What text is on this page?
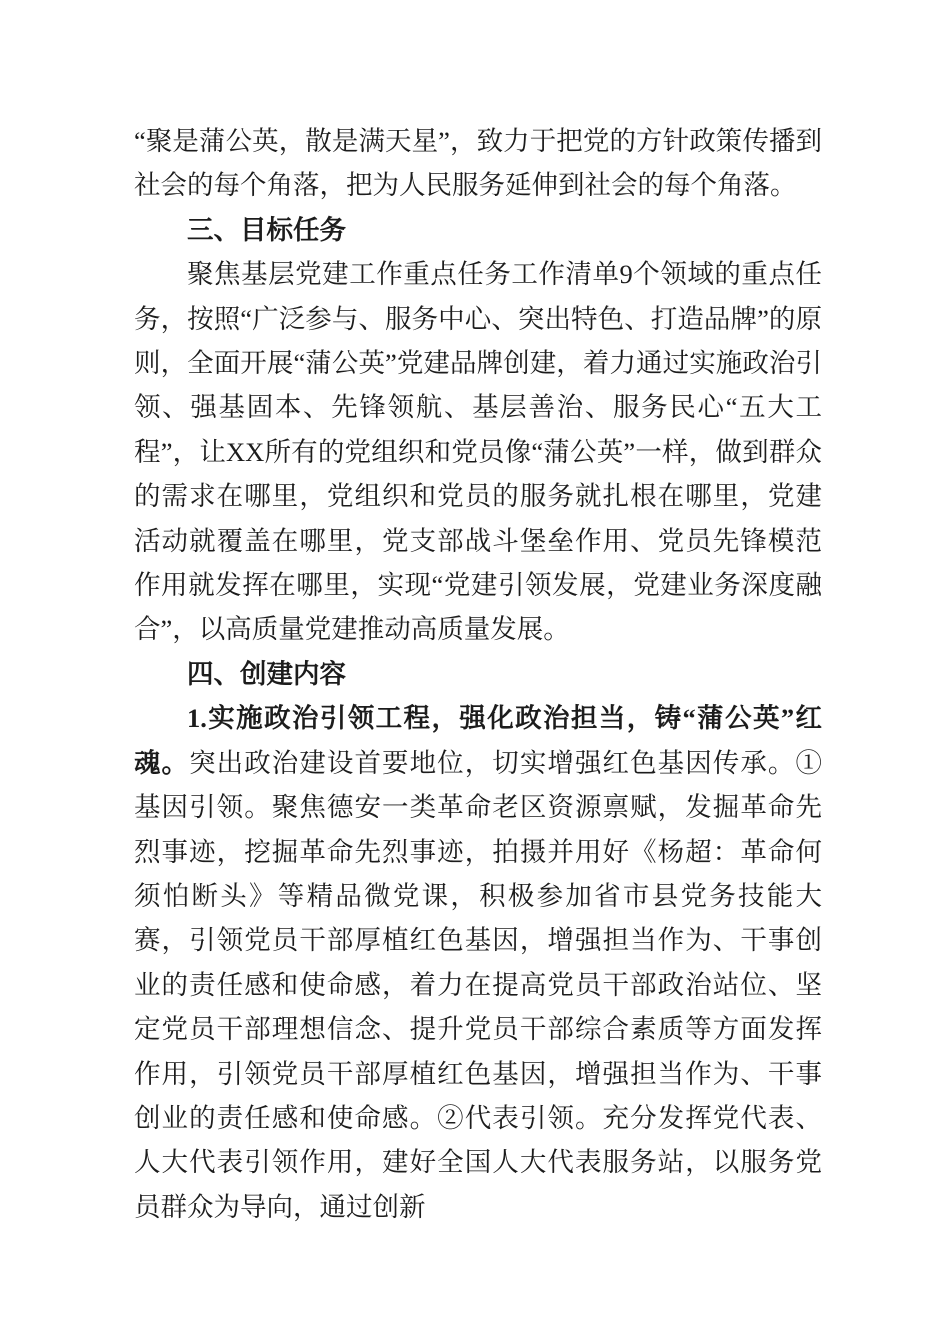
“聚是蒲公英，散是满天星”，致力于把党的方针政策传播到社会的每个角落，把为人民服务延伸到社会的每个角落。

三、目标任务

聚焦基层党建工作重点任务工作清单9个领域的重点任务，按照“广泛参与、服务中心、突出特色、打造品牌”的原则，全面开展“蒲公英”党建品牌创建，着力通过实施政治引领、强基固本、先锋领航、基层善治、服务民心“五大工程”，让XX所有的党组织和党员像“蒲公英”一样，做到群众的需求在哪里，党组织和党员的服务就扎根在哪里，党建活动就覆盖在哪里，党支部战斗堡垒作用、党员先锋模范作用就发挥在哪里，实现“党建引领发展，党建业务深度融合”，以高质量党建推动高质量发展。

四、创建内容

1.实施政治引领工程，强化政治担当，铸“蒲公英”红魂。突出政治建设首要地位，切实增强红色基因传承。①基因引领。聚焦德安一类革命老区资源禀赋，发掘革命先烈事迹，挖掘革命先烈事迹，拍摄并用好《杨超：革命何须怕断头》等精品微党课，积极参加省市县党务技能大赛，引领党员干部厚植红色基因，增强担当作为、干事创业的责任感和使命感，着力在提高党员干部政治站位、坚定党员干部理想信念、提升党员干部综合素质等方面发挥作用，引领党员干部厚植红色基因，增强担当作为、干事创业的责任感和使命感。②代表引领。充分发挥党代表、人大代表引领作用，建好全国人大代表服务站，以服务党员群众为导向，通过创新
